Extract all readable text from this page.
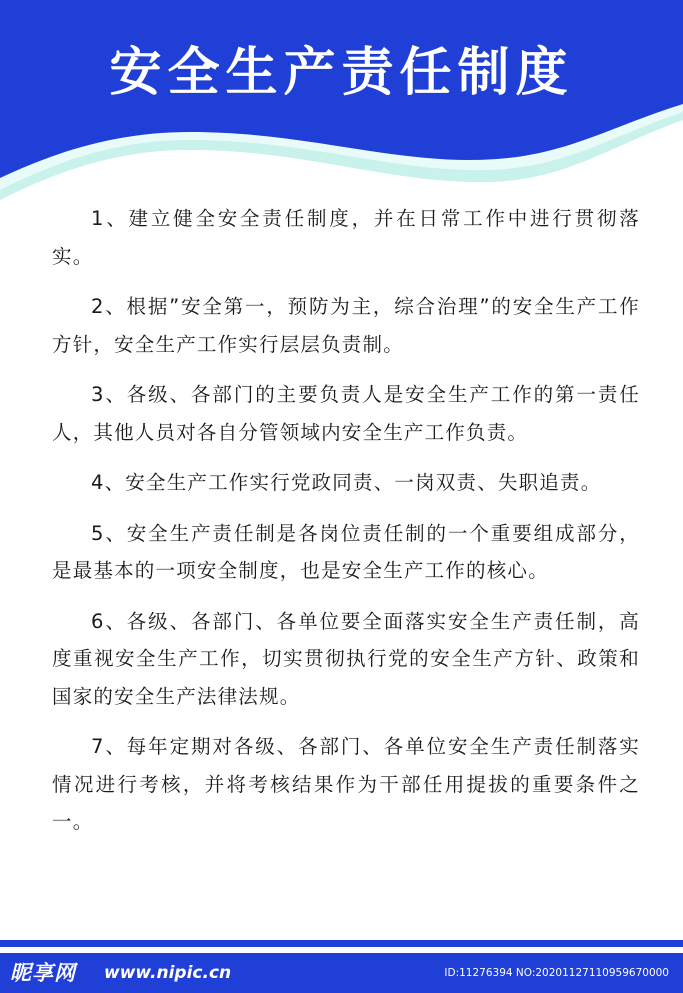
安全生产责任制度

1、建立健全安全责任制度，并在日常工作中进行贯彻落实。

2、根据”安全第一，预防为主，综合治理”的安全生产工作方针，安全生产工作实行层层负责制。

3、各级、各部门的主要负责人是安全生产工作的第一责任人，其他人员对各自分管领域内安全生产工作负责。

4、安全生产工作实行党政同责、一岗双责、失职追责。

5、安全生产责任制是各岗位责任制的一个重要组成部分，是最基本的一项安全制度，也是安全生产工作的核心。

6、各级、各部门、各单位要全面落实安全生产责任制，高度重视安全生产工作，切实贯彻执行党的安全生产方针、政策和国家的安全生产法律法规。

7、每年定期对各级、各部门、各单位安全生产责任制落实情况进行考核，并将考核结果作为干部任用提拔的重要条件之一。

昵享网 www.nipic.cn	ID:11276394 NO:20201127110959670000
